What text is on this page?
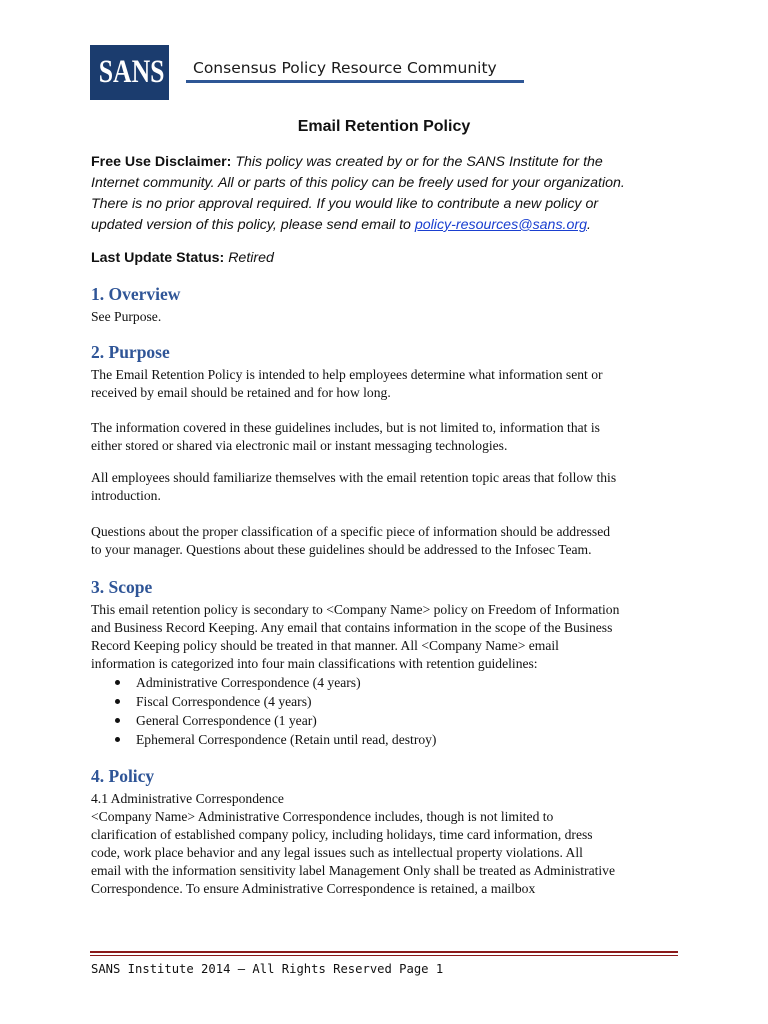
SANS Consensus Policy Resource Community
Email Retention Policy
Free Use Disclaimer: This policy was created by or for the SANS Institute for the
Internet community. All or parts of this policy can be freely used for your organization.
There is no prior approval required. If you would like to contribute a new policy or
updated version of this policy, please send email to policy-resources@sans.org.
Last Update Status: Retired
1. Overview
See Purpose.
2. Purpose
The Email Retention Policy is intended to help employees determine what information sent or
received by email should be retained and for how long.
The information covered in these guidelines includes, but is not limited to, information that is
either stored or shared via electronic mail or instant messaging technologies.
All employees should familiarize themselves with the email retention topic areas that follow this
introduction.
Questions about the proper classification of a specific piece of information should be addressed
to your manager. Questions about these guidelines should be addressed to the Infosec Team.
3. Scope
This email retention policy is secondary to <Company Name> policy on Freedom of Information
and Business Record Keeping. Any email that contains information in the scope of the Business
Record Keeping policy should be treated in that manner. All <Company Name> email
information is categorized into four main classifications with retention guidelines:
Administrative Correspondence (4 years)
Fiscal Correspondence (4 years)
General Correspondence (1 year)
Ephemeral Correspondence (Retain until read, destroy)
4. Policy
4.1 Administrative Correspondence
<Company Name> Administrative Correspondence includes, though is not limited to
clarification of established company policy, including holidays, time card information, dress
code, work place behavior and any legal issues such as intellectual property violations. All
email with the information sensitivity label Management Only shall be treated as Administrative
Correspondence. To ensure Administrative Correspondence is retained, a mailbox
SANS Institute 2014 – All Rights Reserved Page 1
